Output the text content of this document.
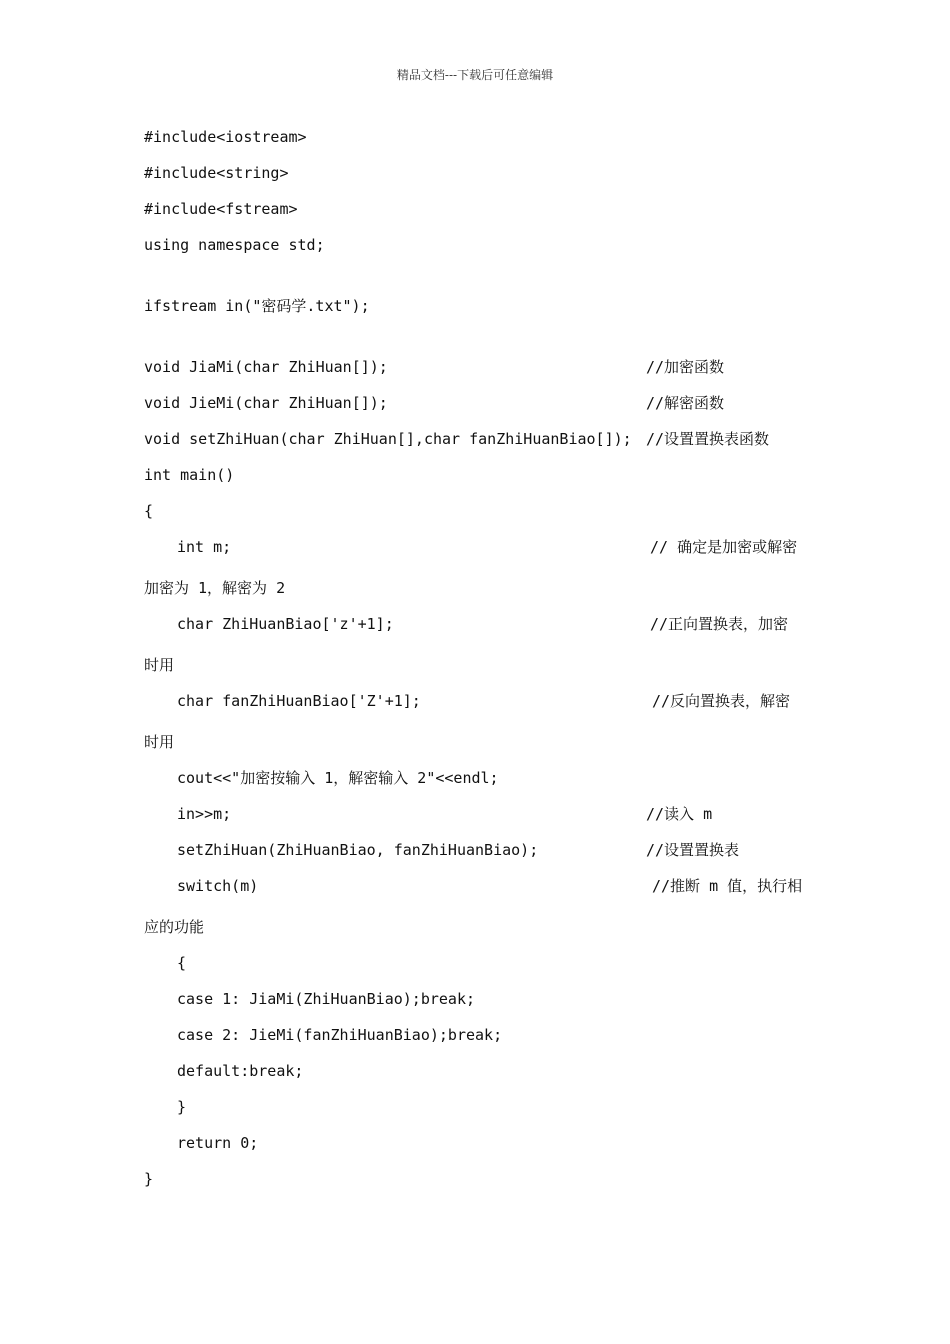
精品文档---下载后可任意编辑
#include<iostream>
#include<string>
#include<fstream>
using namespace std;
ifstream in("密码学.txt");
void JiaMi(char ZhiHuan[]);	//加密函数
void JieMi(char ZhiHuan[]);	//解密函数
void setZhiHuan(char ZhiHuan[],char fanZhiHuanBiao[]); //设置置换表函数
int main()
{
int m;	// 确定是加密或解密
加密为 1，解密为 2
char ZhiHuanBiao['z'+1];	//正向置换表，加密
时用
char fanZhiHuanBiao['Z'+1];	//反向置换表，解密
时用
cout<<"加密按输入 1，解密输入 2"<<endl;
in>>m;	//读入 m
setZhiHuan(ZhiHuanBiao, fanZhiHuanBiao);	//设置置换表
switch(m)	//推断 m 值，执行相
应的功能
{
case 1: JiaMi(ZhiHuanBiao);break;
case 2: JieMi(fanZhiHuanBiao);break;
default:break;
}
return 0;
}
